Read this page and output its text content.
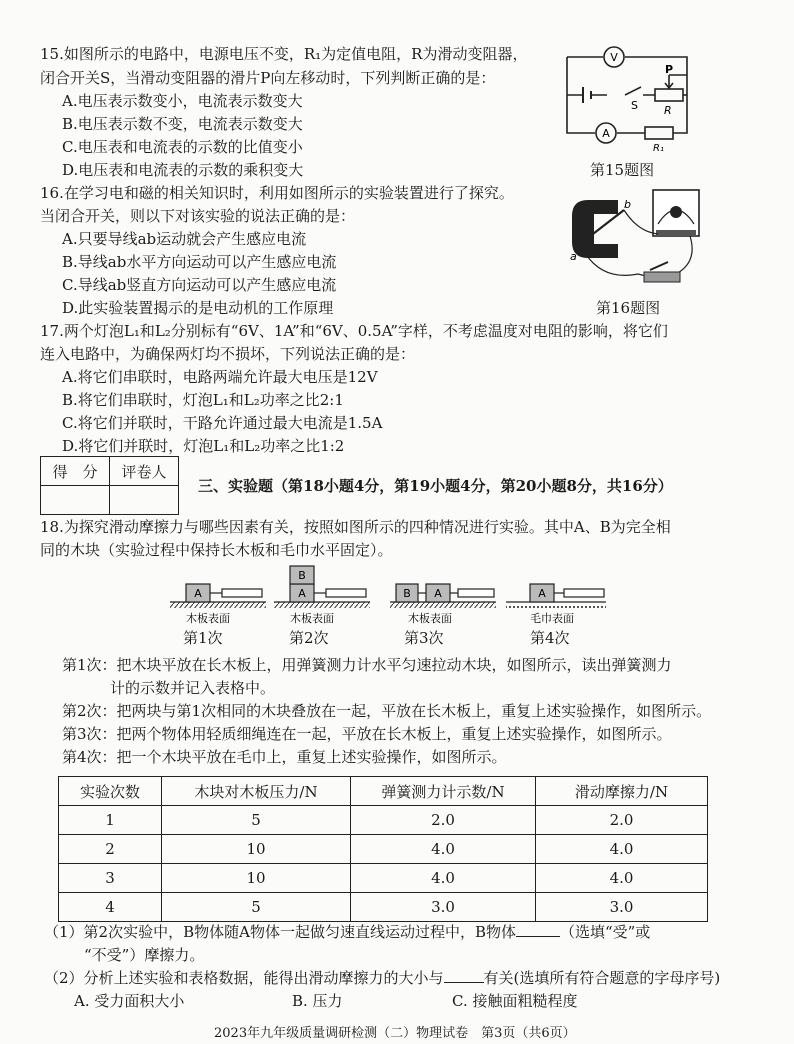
15.如图所示的电路中，电源电压不变，R₁为定值电阻，R为滑动变阻器，
闭合开关S，当滑动变阻器的滑片P向左移动时，下列判断正确的是：
A.电压表示数变小，电流表示数变大
B.电压表示数不变，电流表示数变大
C.电压表和电流表的示数的比值变小
D.电压表和电流表的示数的乘积变大
V
A
P
R
S
R₁
第15题图
16.在学习电和磁的相关知识时，利用如图所示的实验装置进行了探究。
当闭合开关，则以下对该实验的说法正确的是：
A.只要导线ab运动就会产生感应电流
B.导线ab水平方向运动可以产生感应电流
C.导线ab竖直方向运动可以产生感应电流
D.此实验装置揭示的是电动机的工作原理
a
b
第16题图
17.两个灯泡L₁和L₂分别标有“6V、1A”和“6V、0.5A”字样，不考虑温度对电阻的影响，将它们
连入电路中，为确保两灯均不损坏，下列说法正确的是：
A.将它们串联时，电路两端允许最大电压是12V
B.将它们串联时，灯泡L₁和L₂功率之比2:1
C.将它们并联时，干路允许通过最大电流是1.5A
D.将它们并联时，灯泡L₁和L₂功率之比1:2
得　分	评卷人

三、实验题（第18小题4分，第19小题4分，第20小题8分，共16分）
18.为探究滑动摩擦力与哪些因素有关，按照如图所示的四种情况进行实验。其中A、B为完全相
同的木块（实验过程中保持长木板和毛巾水平固定）。
A	A
B
B A	A
木板表面	木板表面	木板表面	毛巾表面
第1次	第2次	第3次	第4次
第1次：把木块平放在长木板上，用弹簧测力计水平匀速拉动木块，如图所示，读出弹簧测力
计的示数并记入表格中。
第2次：把两块与第1次相同的木块叠放在一起，平放在长木板上，重复上述实验操作，如图所示。
第3次：把两个物体用轻质细绳连在一起，平放在长木板上，重复上述实验操作，如图所示。
第4次：把一个木块平放在毛巾上，重复上述实验操作，如图所示。
实验次数	木块对木板压力/N	弹簧测力计示数/N	滑动摩擦力/N
1	5	2.0	2.0
2	10	4.0	4.0
3	10	4.0	4.0
4	5	3.0	3.0
（1）第2次实验中，B物体随A物体一起做匀速直线运动过程中，B物体	（选填“受”或
“不受”）摩擦力。
（2）分析上述实验和表格数据，能得出滑动摩擦力的大小与	有关(选填所有符合题意的字母序号)
A. 受力面积大小	B. 压力	C. 接触面粗糙程度
2023年九年级质量调研检测（二）物理试卷　第3页（共6页）
